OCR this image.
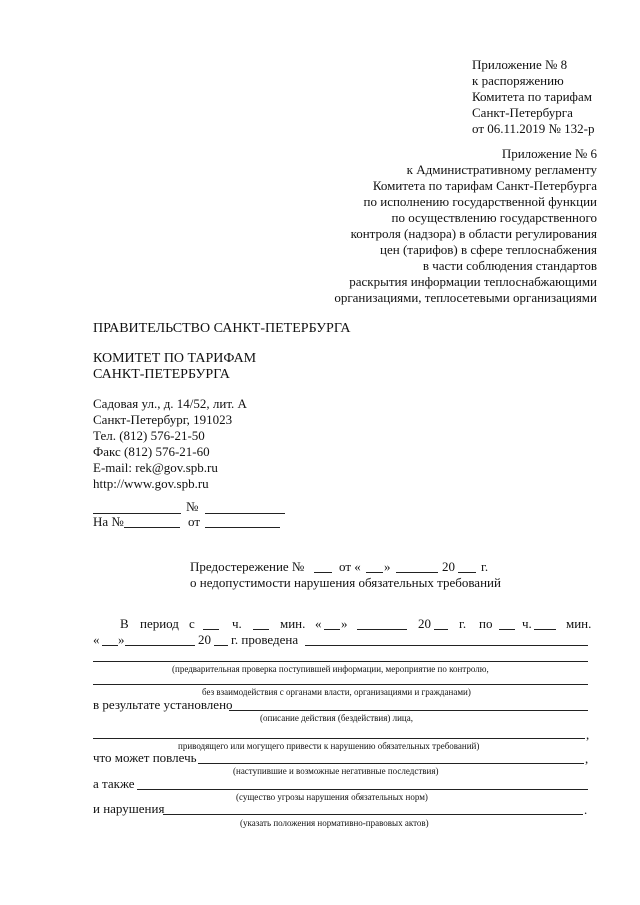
Приложение № 8
к распоряжению
Комитета по тарифам
Санкт-Петербурга
от 06.11.2019 № 132-р
Приложение № 6
к Административному регламенту
Комитета по тарифам Санкт-Петербурга
по исполнению государственной функции
по осуществлению государственного
контроля (надзора) в области регулирования
цен (тарифов) в сфере теплоснабжения
в части соблюдения стандартов
раскрытия информации теплоснабжающими
организациями, теплосетевыми организациями
ПРАВИТЕЛЬСТВО САНКТ-ПЕТЕРБУРГА
КОМИТЕТ ПО ТАРИФАМ
САНКТ-ПЕТЕРБУРГА
Садовая ул., д. 14/52, лит. А
Санкт-Петербург, 191023
Тел. (812) 576-21-50
Факс (812) 576-21-60
E-mail: rek@gov.spb.ru
http://www.gov.spb.ru
№
На №	от
Предостережение №	от « »	20 г.
о недопустимости нарушения обязательных требований
В период с	ч.	мин. « »	20 г. по ч.	мин.
« »	20 г. проведена
(предварительная проверка поступившей информации, мероприятие по контролю,
без взаимодействия с органами власти, организациями и гражданами)
в результате установлено
(описание действия (бездействия) лица,
,
приводящего или могущего привести к нарушению обязательных требований)
что может повлечь	,
(наступившие и возможные негативные последствия)
а также
(существо угрозы нарушения обязательных норм)
и нарушения	.
(указать положения нормативно-правовых актов)
